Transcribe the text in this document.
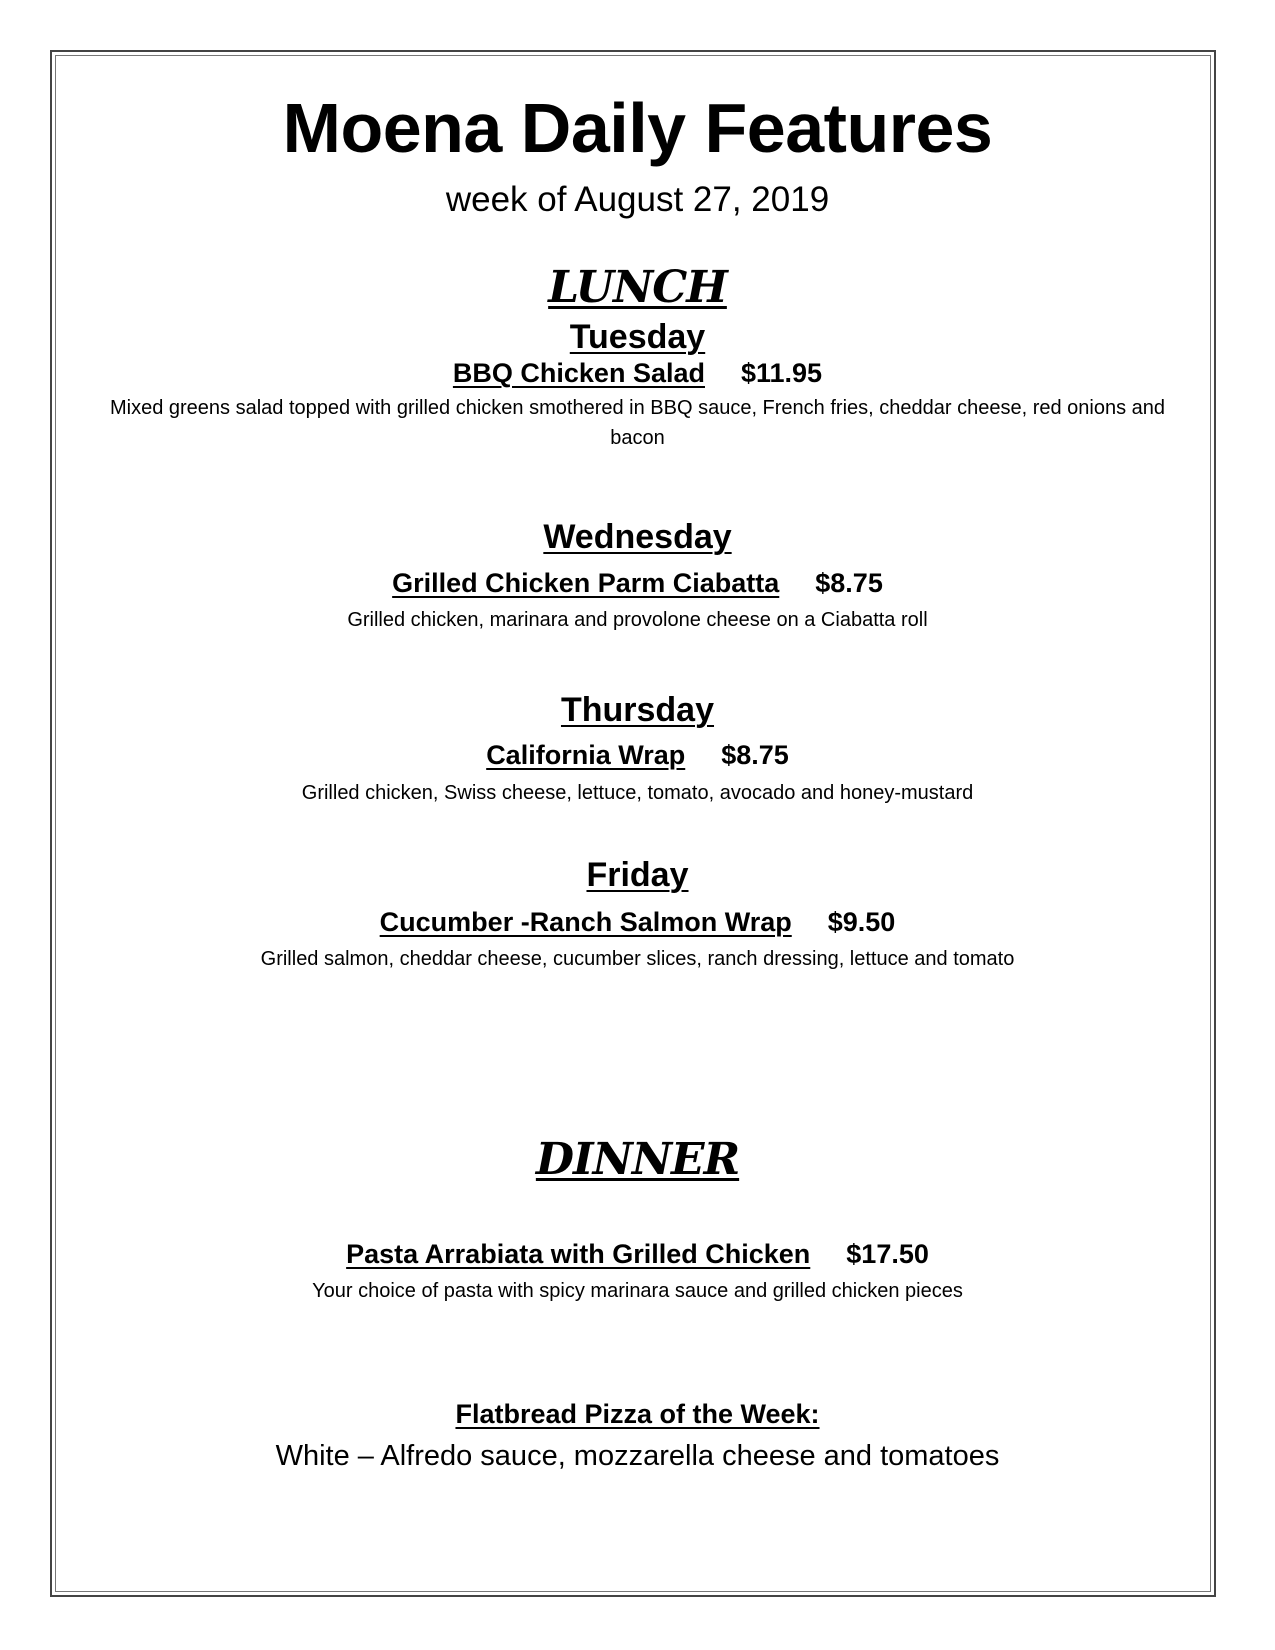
Moena Daily Features
week of August 27, 2019
LUNCH
Tuesday
BBQ Chicken Salad $11.95
Mixed greens salad topped with grilled chicken smothered in BBQ sauce, French fries, cheddar cheese, red onions and bacon
Wednesday
Grilled Chicken Parm Ciabatta $8.75
Grilled chicken, marinara and provolone cheese on a Ciabatta roll
Thursday
California Wrap $8.75
Grilled chicken, Swiss cheese, lettuce, tomato, avocado and honey-mustard
Friday
Cucumber -Ranch Salmon Wrap $9.50
Grilled salmon, cheddar cheese, cucumber slices, ranch dressing, lettuce and tomato
DINNER
Pasta Arrabiata with Grilled Chicken $17.50
Your choice of pasta with spicy marinara sauce and grilled chicken pieces
Flatbread Pizza of the Week:
White – Alfredo sauce, mozzarella cheese and tomatoes
